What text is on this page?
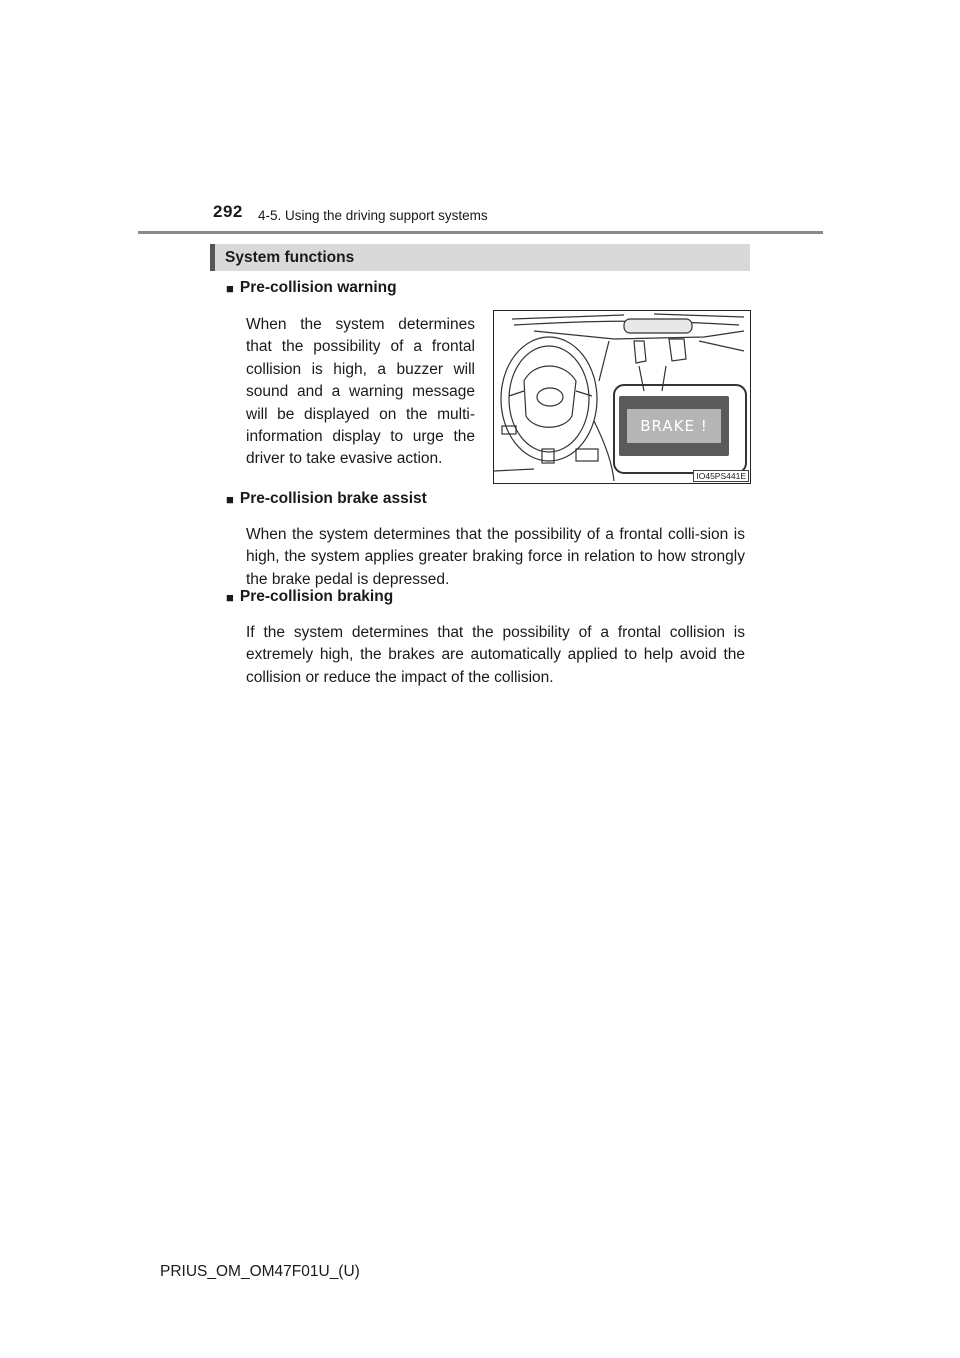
292 4-5. Using the driving support systems
System functions
■ Pre-collision warning
When the system determines that the possibility of a frontal collision is high, a buzzer will sound and a warning message will be displayed on the multi-information display to urge the driver to take evasive action.
BRAKE !
IO45PS441E
■ Pre-collision brake assist
When the system determines that the possibility of a frontal colli-sion is high, the system applies greater braking force in relation to how strongly the brake pedal is depressed.
■ Pre-collision braking
If the system determines that the possibility of a frontal collision is extremely high, the brakes are automatically applied to help avoid the collision or reduce the impact of the collision.
PRIUS_OM_OM47F01U_(U)
